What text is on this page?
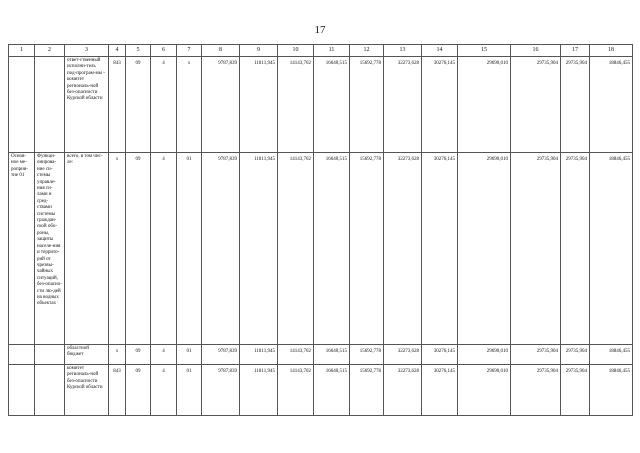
17
1	2	3	4	5	6	7	8	9	10	11	12	13	14	15	16	17	18
		ответ-ственный исполни-тель под-програм-мы - комитет региональ-ной без-опасности Курской области	843	09	4	х	9787,839	11811,945	14143,702	16640,515	15692,778	32273,628	30276,145	29690,010	29735,904	29735,904	18846,455
Основ-ное ме-роприя-тие 01	Функци-онирова-ние си-стемы управле-ния си-лами и сред-ствами системы граждан-ской обо-роны, защиты населе-ния и террито-рий от чрезвы-чайных ситуаций, без-опасно-сти лю-дей на водных объектах	всего, в том чис-ле:	х	09	4	01	9787,839	11811,945	14143,702	16640,515	15692,778	32273,628	30276,145	29690,010	29735,904	29735,904	18846,455
		областной бюджет	х	09	4	01	9787,839	11811,945	14143,702	16640,515	15692,778	32273,628	30276,145	29690,010	29735,904	29735,904	18846,455
		комитет региональ-ной без-опасности Курской области	843	09	4	01	9787,839	11811,945	14143,702	16640,515	15692,778	32273,628	30276,145	29690,010	29735,904	29735,904	18846,455
